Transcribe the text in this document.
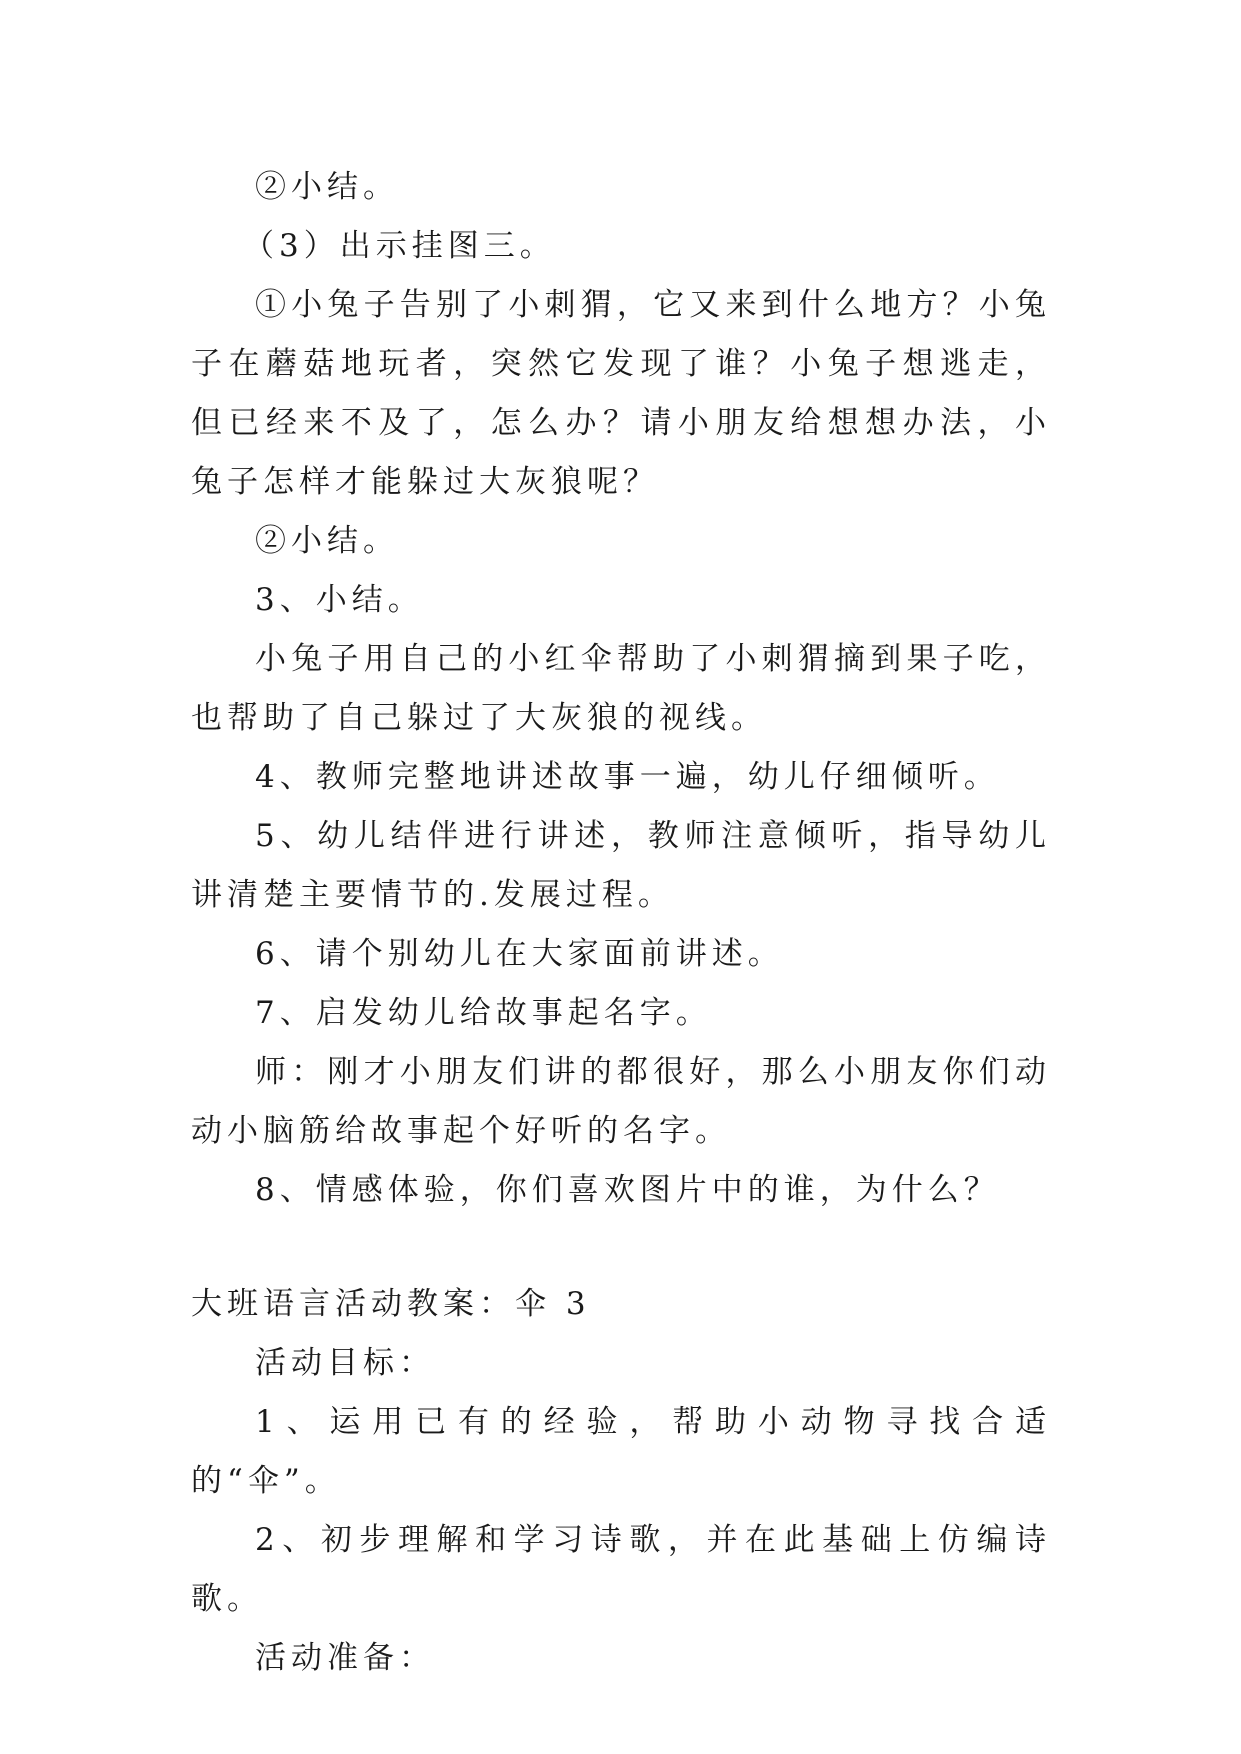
②小结。

（3）出示挂图三。

①小兔子告别了小刺猬，它又来到什么地方？小兔子在蘑菇地玩者，突然它发现了谁？小兔子想逃走，但已经来不及了，怎么办？请小朋友给想想办法，小兔子怎样才能躲过大灰狼呢？

②小结。

3、小结。

小兔子用自己的小红伞帮助了小刺猬摘到果子吃，也帮助了自己躲过了大灰狼的视线。

4、教师完整地讲述故事一遍，幼儿仔细倾听。

5、幼儿结伴进行讲述，教师注意倾听，指导幼儿讲清楚主要情节的.发展过程。

6、请个别幼儿在大家面前讲述。

7、启发幼儿给故事起名字。

师：刚才小朋友们讲的都很好，那么小朋友你们动动小脑筋给故事起个好听的名字。

8、情感体验，你们喜欢图片中的谁，为什么？

大班语言活动教案：伞 3

活动目标：

1、运用已有的经验，帮助小动物寻找合适的“伞”。

2、初步理解和学习诗歌，并在此基础上仿编诗歌。

活动准备：
